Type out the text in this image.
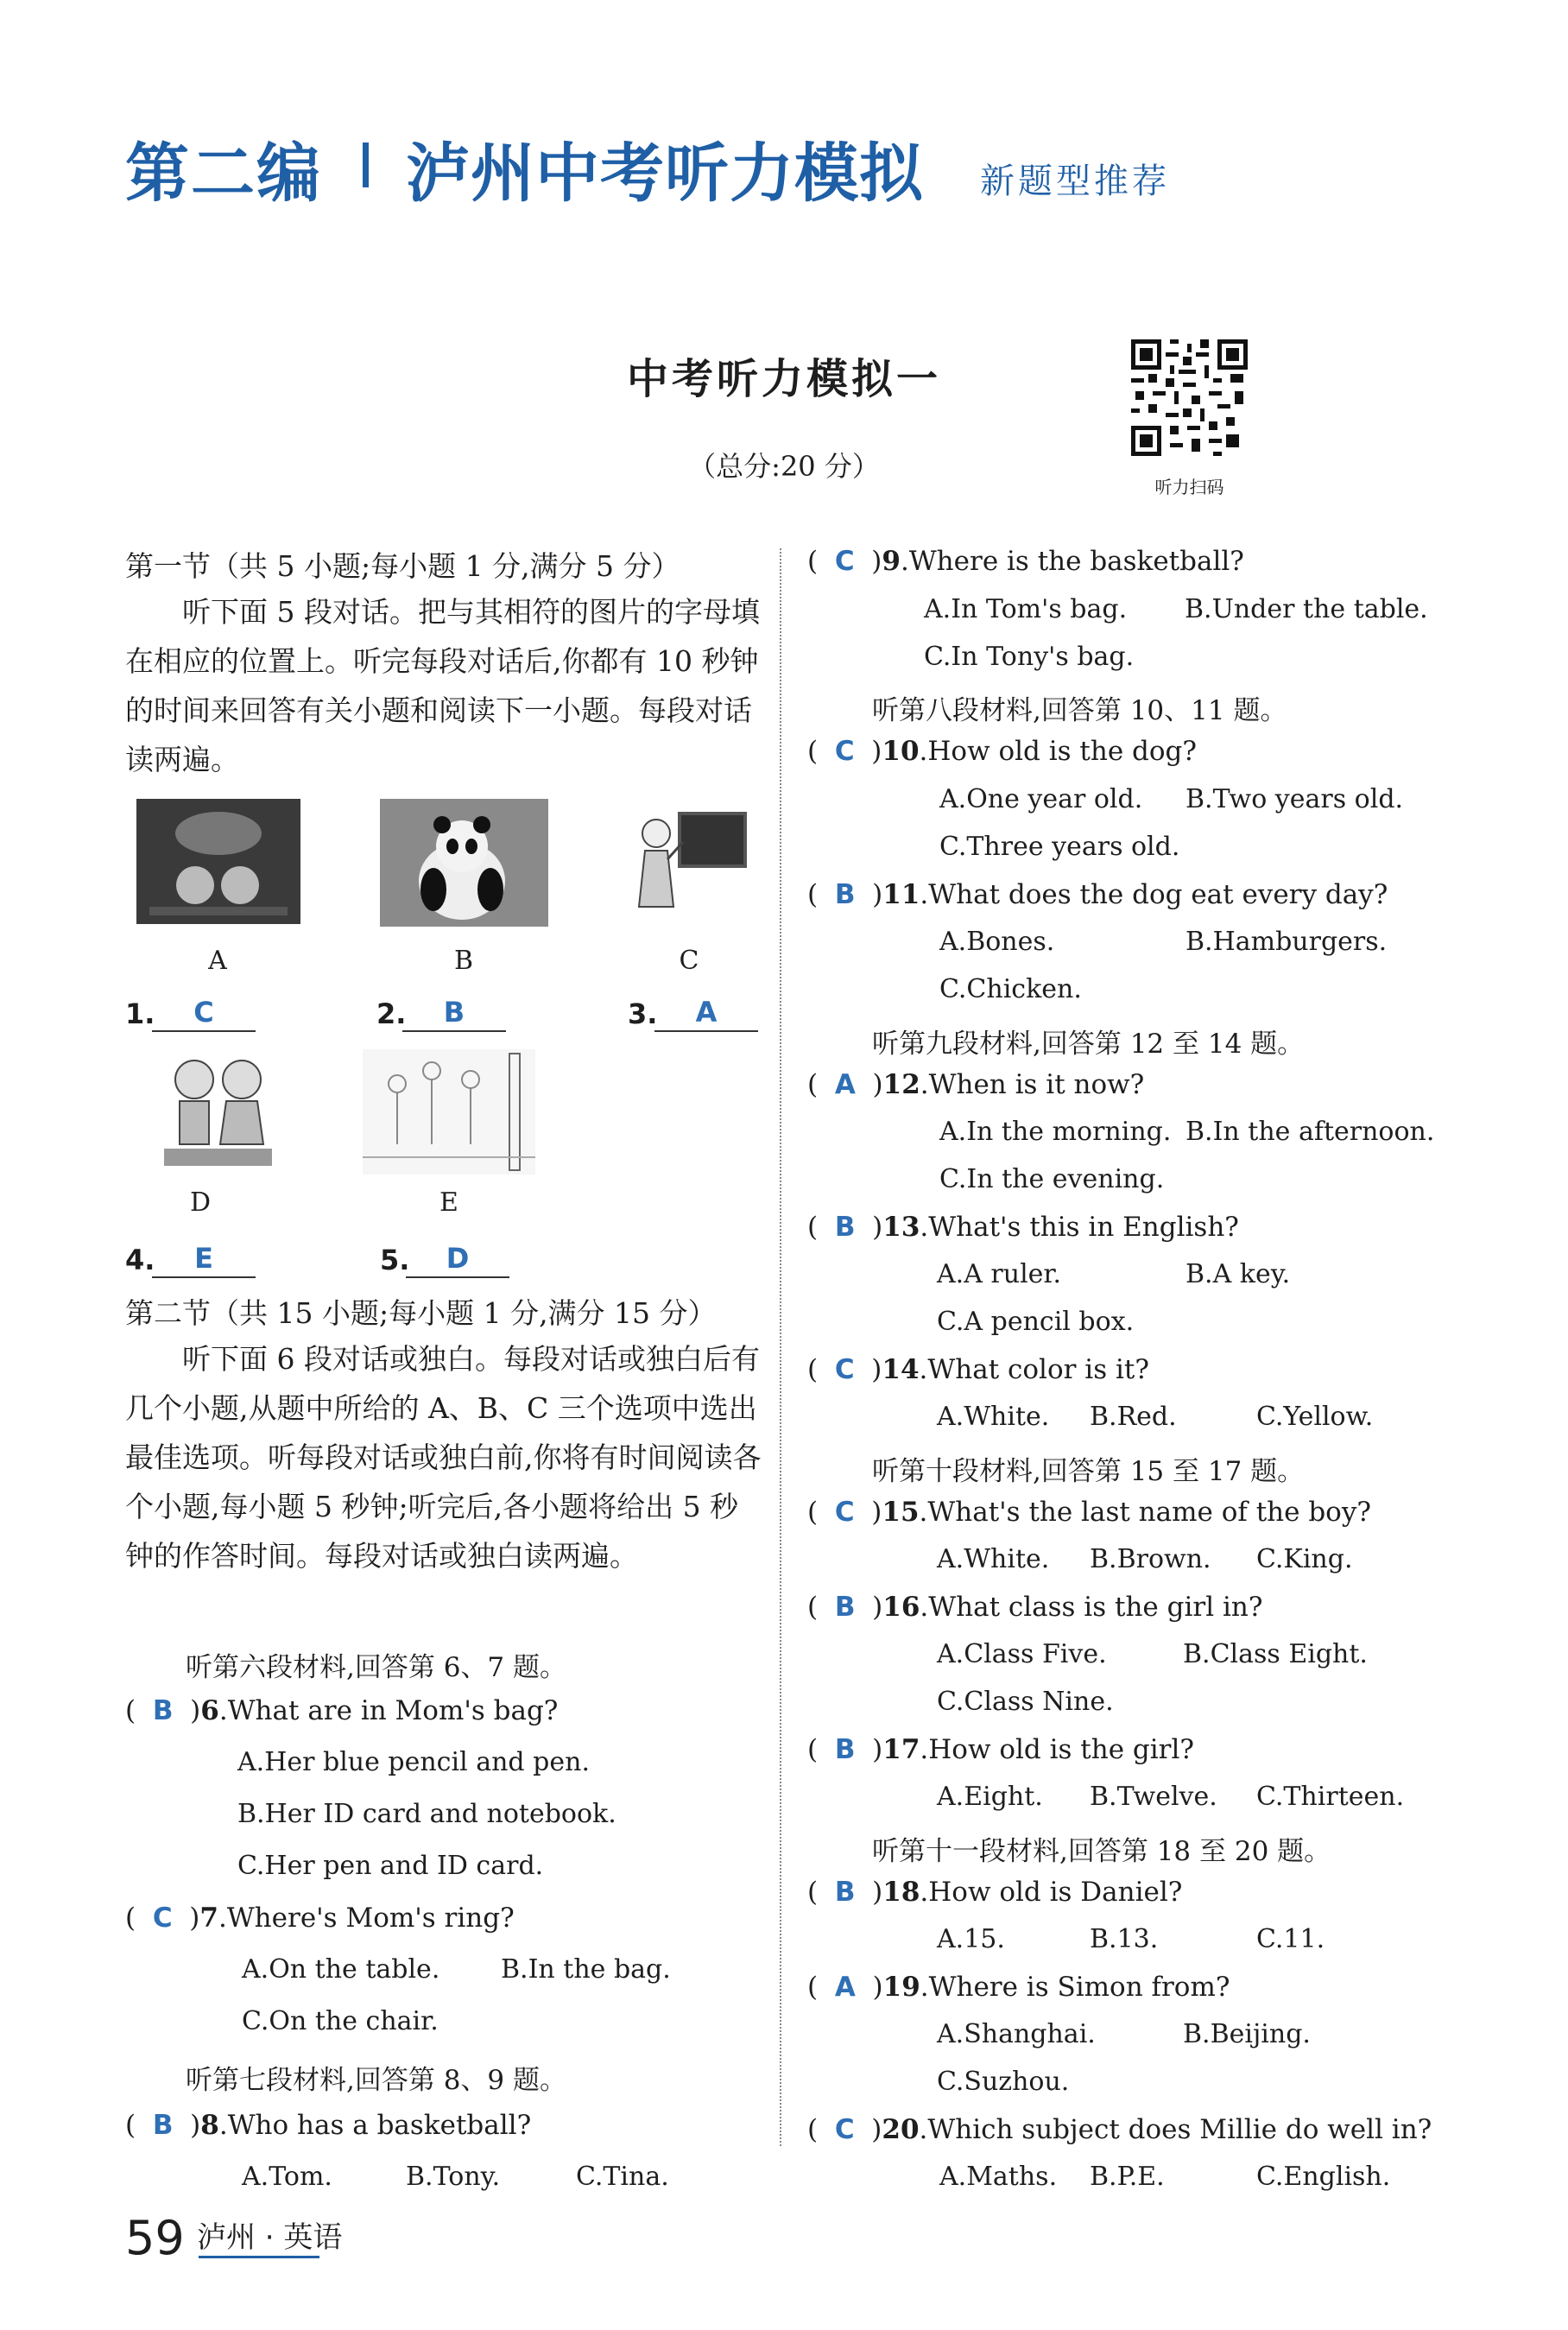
第二编 泸州中考听力模拟 新题型推荐
中考听力模拟一
（总分:20 分）
听力扫码
第一节（共 5 小题;每小题 1 分,满分 5 分）
听下面 5 段对话。把与其相符的图片的字母填在相应的位置上。听完每段对话后,你都有 10 秒钟的时间来回答有关小题和阅读下一小题。每段对话读两遍。
A	B	C
1.	C	2.	B	3.	A
D	E
4.	E	5.	D
第二节（共 15 小题;每小题 1 分,满分 15 分）
听下面 6 段对话或独白。每段对话或独白后有几个小题,从题中所给的 A、B、C 三个选项中选出最佳选项。听每段对话或独白前,你将有时间阅读各个小题,每小题 5 秒钟;听完后,各小题将给出 5 秒钟的作答时间。每段对话或独白读两遍。
听第六段材料,回答第 6、7 题。
(  B  )6.What are in Mom's bag?
A.Her blue pencil and pen.
B.Her ID card and notebook.
C.Her pen and ID card.
(  C  )7.Where's Mom's ring?
A.On the table. B.In the bag.
C.On the chair.
听第七段材料,回答第 8、9 题。
(  B  )8.Who has a basketball?
A.Tom.	B.Tony.	C.Tina.
(  C  )9.Where is the basketball?
A.In Tom's bag. B.Under the table.
C.In Tony's bag.
听第八段材料,回答第 10、11 题。
(  C  )10.How old is the dog?
A.One year old. B.Two years old.
C.Three years old.
(  B  )11.What does the dog eat every day?
A.Bones.	B.Hamburgers.
C.Chicken.
听第九段材料,回答第 12 至 14 题。
(  A  )12.When is it now?
A.In the morning. B.In the afternoon.
C.In the evening.
(  B  )13.What's this in English?
A.A ruler.	B.A key.
C.A pencil box.
(  C  )14.What color is it?
A.White. B.Red.	C.Yellow.
听第十段材料,回答第 15 至 17 题。
(  C  )15.What's the last name of the boy?
A.White. B.Brown. C.King.
(  B  )16.What class is the girl in?
A.Class Five.	B.Class Eight.
C.Class Nine.
(  B  )17.How old is the girl?
A.Eight. B.Twelve. C.Thirteen.
听第十一段材料,回答第 18 至 20 题。
(  B  )18.How old is Daniel?
A.15.	B.13.	C.11.
(  A  )19.Where is Simon from?
A.Shanghai.	B.Beijing.
C.Suzhou.
(  C  )20.Which subject does Millie do well in?
A.Maths. B.P.E.	C.English.
59 泸州 · 英语
